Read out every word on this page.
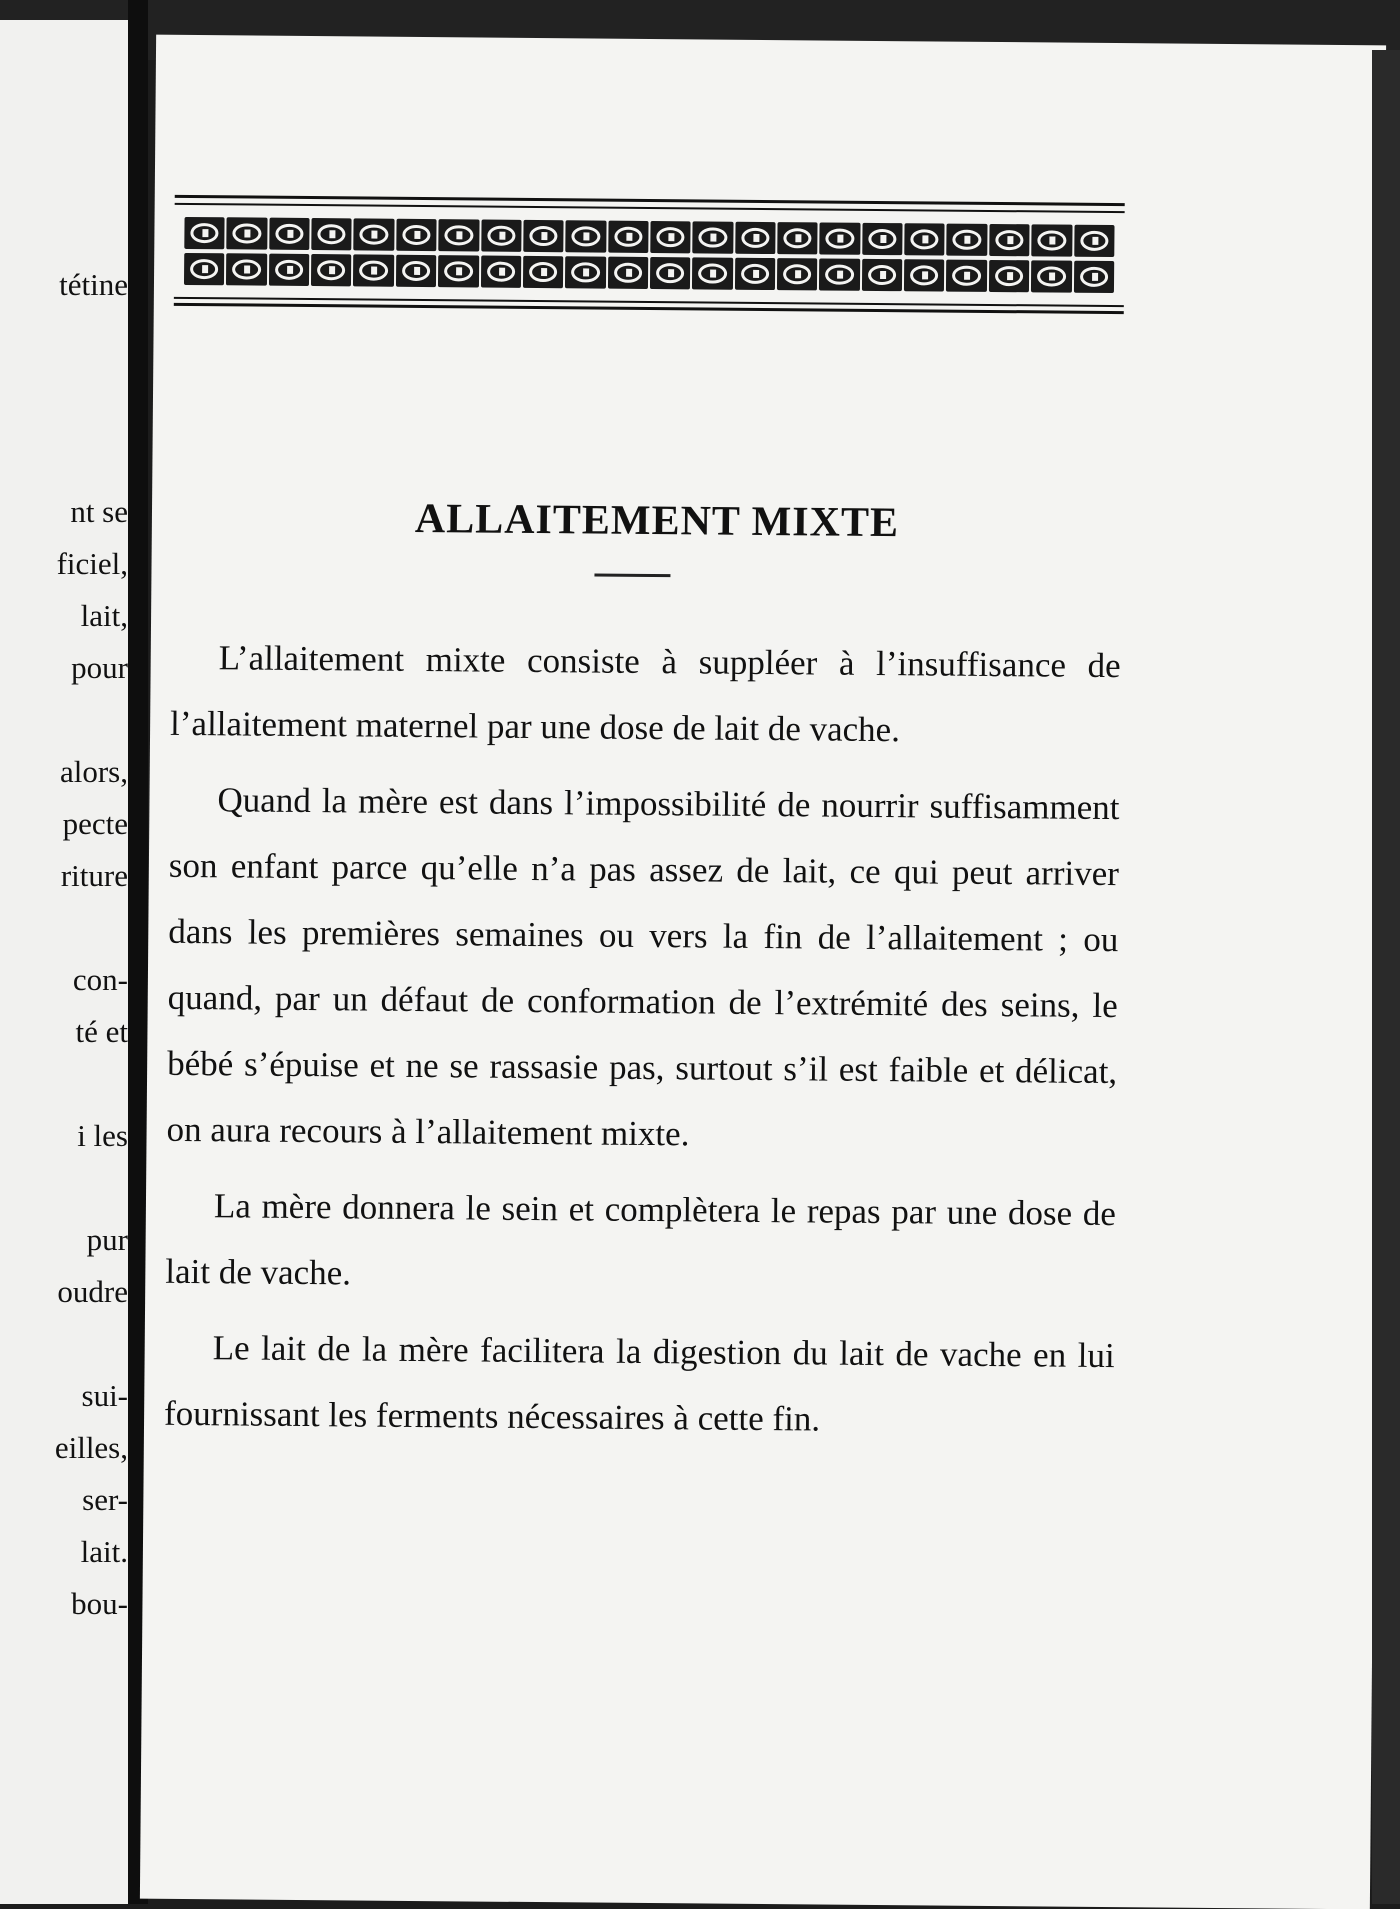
tétine
nt se
ficiel,
lait,
pour
alors,
pecte
riture
con-
té et
i les
pur
oudre
sui-
eilles,
ser-
lait.
bou-
ALLAITEMENT MIXTE

L’allaitement mixte consiste à suppléer à l’insuffisance de l’allaitement maternel par une dose de lait de vache.

Quand la mère est dans l’impossibilité de nourrir suffisamment son enfant parce qu’elle n’a pas assez de lait, ce qui peut arriver dans les premières semaines ou vers la fin de l’allaitement ; ou quand, par un défaut de conformation de l’extrémité des seins, le bébé s’épuise et ne se rassasie pas, surtout s’il est faible et délicat, on aura recours à l’allaitement mixte.

La mère donnera le sein et complètera le repas par une dose de lait de vache.

Le lait de la mère facilitera la digestion du lait de vache en lui fournissant les ferments nécessaires à cette fin.
